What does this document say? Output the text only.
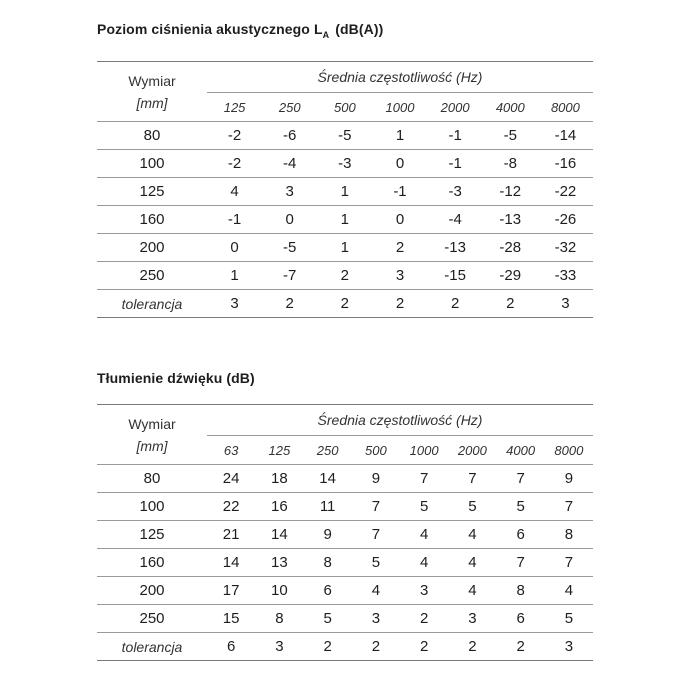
Poziom ciśnienia akustycznego $L_A$ (dB(A))
Wymiar
[mm]	Średnia częstotliwość (Hz)						
	125	250	500	1000	2000	4000	8000
80	-2	-6	-5	1	-1	-5	-14
100	-2	-4	-3	0	-1	-8	-16
125	4	3	1	-1	-3	-12	-22
160	-1	0	1	0	-4	-13	-26
200	0	-5	1	2	-13	-28	-32
250	1	-7	2	3	-15	-29	-33
tolerancja	3	2	2	2	2	2	3
Tłumienie dźwięku (dB)
Wymiar
[mm]	Średnia częstotliwość (Hz)							
	63	125	250	500	1000	2000	4000	8000
80	24	18	14	9	7	7	7	9
100	22	16	11	7	5	5	5	7
125	21	14	9	7	4	4	6	8
160	14	13	8	5	4	4	7	7
200	17	10	6	4	3	4	8	4
250	15	8	5	3	2	3	6	5
tolerancja	6	3	2	2	2	2	2	3
